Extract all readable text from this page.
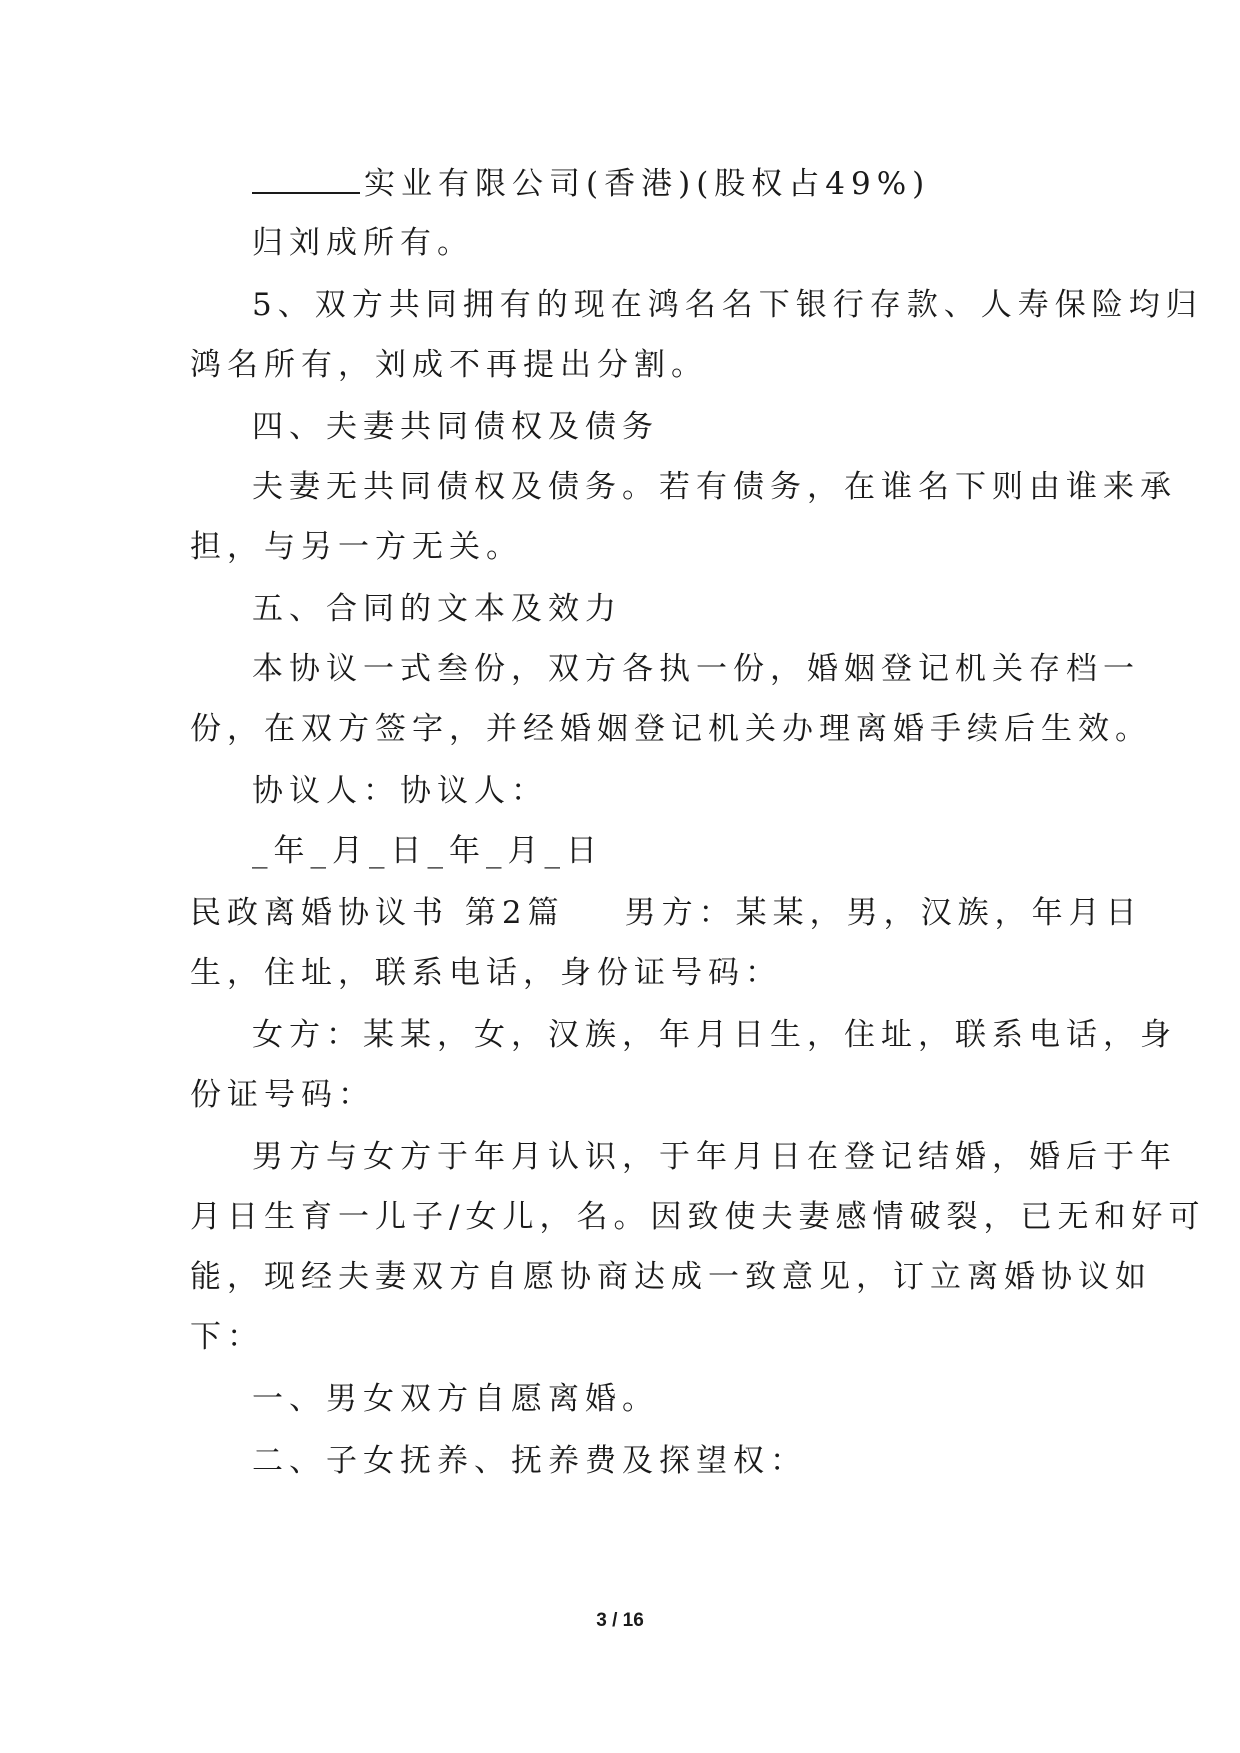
实业有限公司(香港)(股权占49%)
归刘成所有。
5、双方共同拥有的现在鸿名名下银行存款、人寿保险均归
鸿名所有，刘成不再提出分割。
四、夫妻共同债权及债务
夫妻无共同债权及债务。若有债务，在谁名下则由谁来承
担，与另一方无关。
五、合同的文本及效力
本协议一式叁份，双方各执一份，婚姻登记机关存档一
份，在双方签字，并经婚姻登记机关办理离婚手续后生效。
协议人：协议人：
_年_月_日_年_月_日
民政离婚协议书 第2篇 男方：某某，男，汉族，年月日
生，住址，联系电话，身份证号码：
女方：某某，女，汉族，年月日生，住址，联系电话，身
份证号码：
男方与女方于年月认识，于年月日在登记结婚，婚后于年
月日生育一儿子/女儿，名。因致使夫妻感情破裂，已无和好可
能，现经夫妻双方自愿协商达成一致意见，订立离婚协议如
下：
一、男女双方自愿离婚。
二、子女抚养、抚养费及探望权：
3 / 16
